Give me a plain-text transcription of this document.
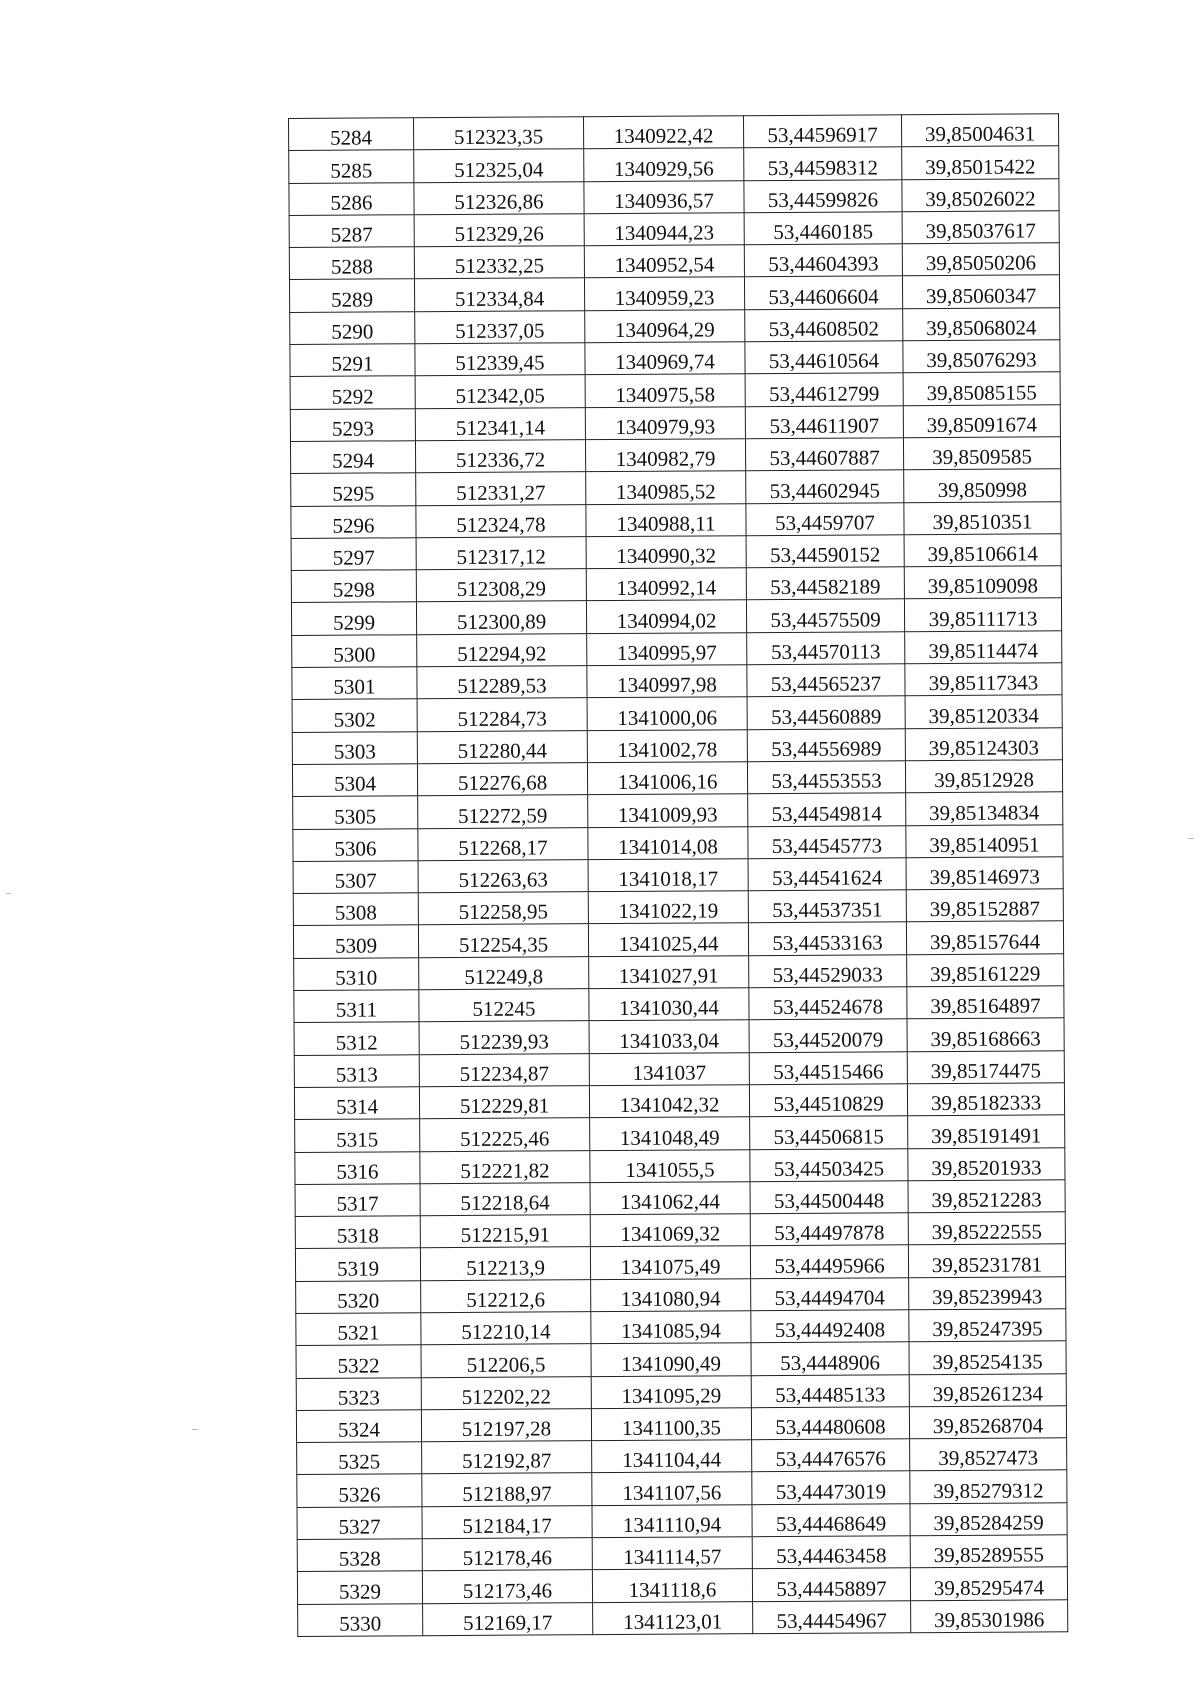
5284	512323,35	1340922,42	53,44596917	39,85004631
5285	512325,04	1340929,56	53,44598312	39,85015422
5286	512326,86	1340936,57	53,44599826	39,85026022
5287	512329,26	1340944,23	53,4460185	39,85037617
5288	512332,25	1340952,54	53,44604393	39,85050206
5289	512334,84	1340959,23	53,44606604	39,85060347
5290	512337,05	1340964,29	53,44608502	39,85068024
5291	512339,45	1340969,74	53,44610564	39,85076293
5292	512342,05	1340975,58	53,44612799	39,85085155
5293	512341,14	1340979,93	53,44611907	39,85091674
5294	512336,72	1340982,79	53,44607887	39,8509585
5295	512331,27	1340985,52	53,44602945	39,850998
5296	512324,78	1340988,11	53,4459707	39,8510351
5297	512317,12	1340990,32	53,44590152	39,85106614
5298	512308,29	1340992,14	53,44582189	39,85109098
5299	512300,89	1340994,02	53,44575509	39,85111713
5300	512294,92	1340995,97	53,44570113	39,85114474
5301	512289,53	1340997,98	53,44565237	39,85117343
5302	512284,73	1341000,06	53,44560889	39,85120334
5303	512280,44	1341002,78	53,44556989	39,85124303
5304	512276,68	1341006,16	53,44553553	39,8512928
5305	512272,59	1341009,93	53,44549814	39,85134834
5306	512268,17	1341014,08	53,44545773	39,85140951
5307	512263,63	1341018,17	53,44541624	39,85146973
5308	512258,95	1341022,19	53,44537351	39,85152887
5309	512254,35	1341025,44	53,44533163	39,85157644
5310	512249,8	1341027,91	53,44529033	39,85161229
5311	512245	1341030,44	53,44524678	39,85164897
5312	512239,93	1341033,04	53,44520079	39,85168663
5313	512234,87	1341037	53,44515466	39,85174475
5314	512229,81	1341042,32	53,44510829	39,85182333
5315	512225,46	1341048,49	53,44506815	39,85191491
5316	512221,82	1341055,5	53,44503425	39,85201933
5317	512218,64	1341062,44	53,44500448	39,85212283
5318	512215,91	1341069,32	53,44497878	39,85222555
5319	512213,9	1341075,49	53,44495966	39,85231781
5320	512212,6	1341080,94	53,44494704	39,85239943
5321	512210,14	1341085,94	53,44492408	39,85247395
5322	512206,5	1341090,49	53,4448906	39,85254135
5323	512202,22	1341095,29	53,44485133	39,85261234
5324	512197,28	1341100,35	53,44480608	39,85268704
5325	512192,87	1341104,44	53,44476576	39,8527473
5326	512188,97	1341107,56	53,44473019	39,85279312
5327	512184,17	1341110,94	53,44468649	39,85284259
5328	512178,46	1341114,57	53,44463458	39,85289555
5329	512173,46	1341118,6	53,44458897	39,85295474
5330	512169,17	1341123,01	53,44454967	39,85301986
